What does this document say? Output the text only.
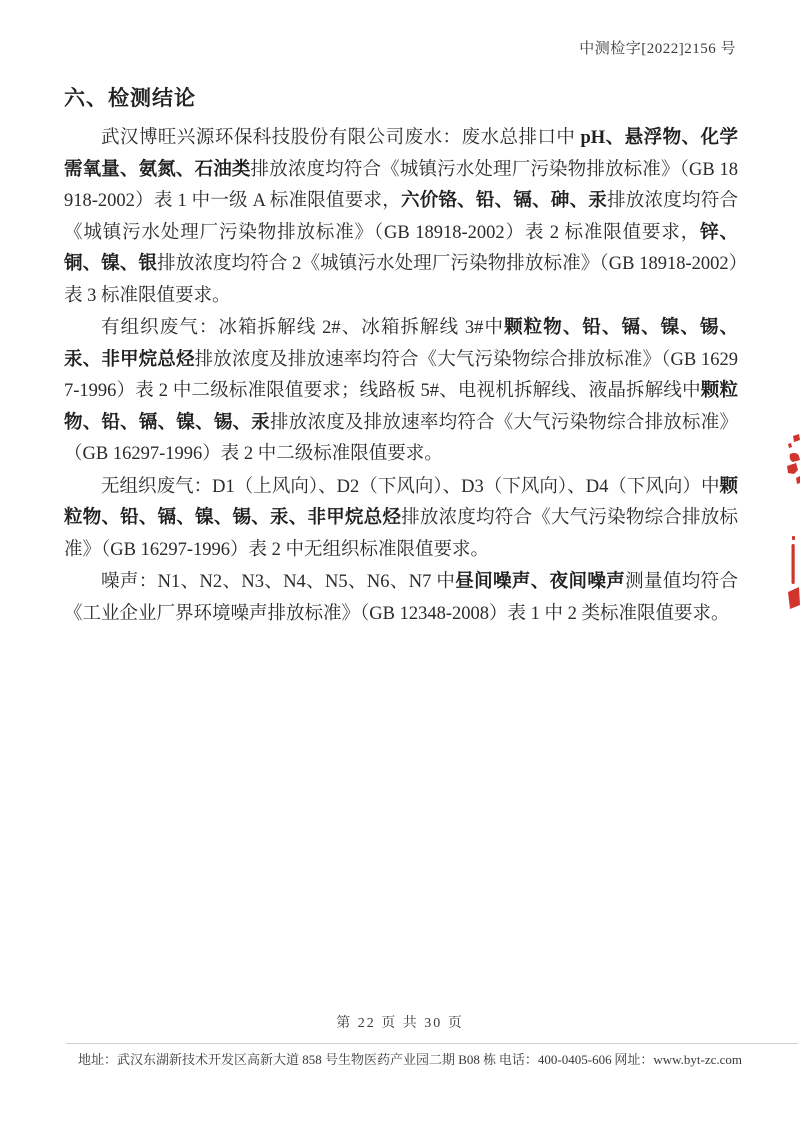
中测检字[2022]2156 号
六、检测结论

武汉博旺兴源环保科技股份有限公司废水：废水总排口中 pH、悬浮物、化学需氧量、氨氮、石油类排放浓度均符合《城镇污水处理厂污染物排放标准》（GB 18918-2002）表 1 中一级 A 标准限值要求，六价铬、铅、镉、砷、汞排放浓度均符合《城镇污水处理厂污染物排放标准》（GB 18918-2002）表 2 标准限值要求，锌、铜、镍、银排放浓度均符合 2《城镇污水处理厂污染物排放标准》（GB 18918-2002）表 3 标准限值要求。

有组织废气：冰箱拆解线 2#、冰箱拆解线 3#中颗粒物、铅、镉、镍、锡、汞、非甲烷总烃排放浓度及排放速率均符合《大气污染物综合排放标准》（GB 16297-1996）表 2 中二级标准限值要求；线路板 5#、电视机拆解线、液晶拆解线中颗粒物、铅、镉、镍、锡、汞排放浓度及排放速率均符合《大气污染物综合排放标准》（GB 16297-1996）表 2 中二级标准限值要求。

无组织废气：D1（上风向）、D2（下风向）、D3（下风向）、D4（下风向）中颗粒物、铅、镉、镍、锡、汞、非甲烷总烃排放浓度均符合《大气污染物综合排放标准》（GB 16297-1996）表 2 中无组织标准限值要求。

噪声：N1、N2、N3、N4、N5、N6、N7 中昼间噪声、夜间噪声测量值均符合《工业企业厂界环境噪声排放标准》（GB 12348-2008）表 1 中 2 类标准限值要求。

第 22 页 共 30 页
地址：武汉东湖新技术开发区高新大道 858 号生物医药产业园二期 B08 栋 电话：400-0405-606 网址：www.byt-zc.com
